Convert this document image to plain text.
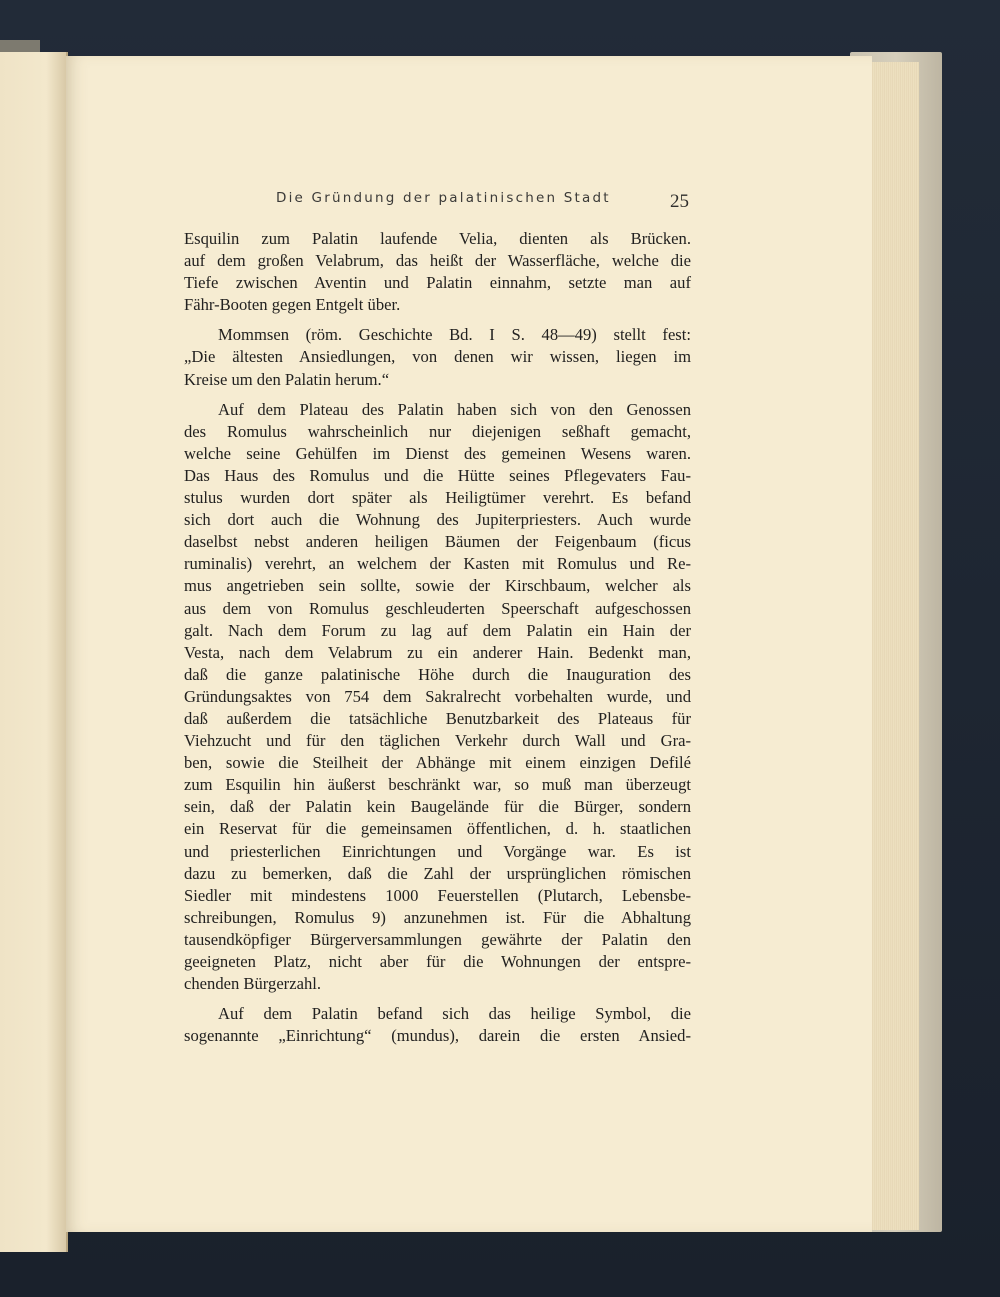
Die Gründung der palatinischen Stadt	25
Esquilin zum Palatin laufende Velia, dienten als Brücken.
auf dem großen Velabrum, das heißt der Wasserfläche, welche die
Tiefe zwischen Aventin und Palatin einnahm, setzte man auf
Fähr-Booten gegen Entgelt über.
Mommsen (röm. Geschichte Bd. I S. 48—49) stellt fest:
„Die ältesten Ansiedlungen, von denen wir wissen, liegen im
Kreise um den Palatin herum.“
Auf dem Plateau des Palatin haben sich von den Genossen
des Romulus wahrscheinlich nur diejenigen seßhaft gemacht,
welche seine Gehülfen im Dienst des gemeinen Wesens waren.
Das Haus des Romulus und die Hütte seines Pflegevaters Fau-
stulus wurden dort später als Heiligtümer verehrt. Es befand
sich dort auch die Wohnung des Jupiterpriesters. Auch wurde
daselbst nebst anderen heiligen Bäumen der Feigenbaum (ficus
ruminalis) verehrt, an welchem der Kasten mit Romulus und Re-
mus angetrieben sein sollte, sowie der Kirschbaum, welcher als
aus dem von Romulus geschleuderten Speerschaft aufgeschossen
galt. Nach dem Forum zu lag auf dem Palatin ein Hain der
Vesta, nach dem Velabrum zu ein anderer Hain. Bedenkt man,
daß die ganze palatinische Höhe durch die Inauguration des
Gründungsaktes von 754 dem Sakralrecht vorbehalten wurde, und
daß außerdem die tatsächliche Benutzbarkeit des Plateaus für
Viehzucht und für den täglichen Verkehr durch Wall und Gra-
ben, sowie die Steilheit der Abhänge mit einem einzigen Defilé
zum Esquilin hin äußerst beschränkt war, so muß man überzeugt
sein, daß der Palatin kein Baugelände für die Bürger, sondern
ein Reservat für die gemeinsamen öffentlichen, d. h. staatlichen
und priesterlichen Einrichtungen und Vorgänge war. Es ist
dazu zu bemerken, daß die Zahl der ursprünglichen römischen
Siedler mit mindestens 1000 Feuerstellen (Plutarch, Lebensbe-
schreibungen, Romulus 9) anzunehmen ist. Für die Abhaltung
tausendköpfiger Bürgerversammlungen gewährte der Palatin den
geeigneten Platz, nicht aber für die Wohnungen der entspre-
chenden Bürgerzahl.
Auf dem Palatin befand sich das heilige Symbol, die
sogenannte „Einrichtung“ (mundus), darein die ersten Ansied-
